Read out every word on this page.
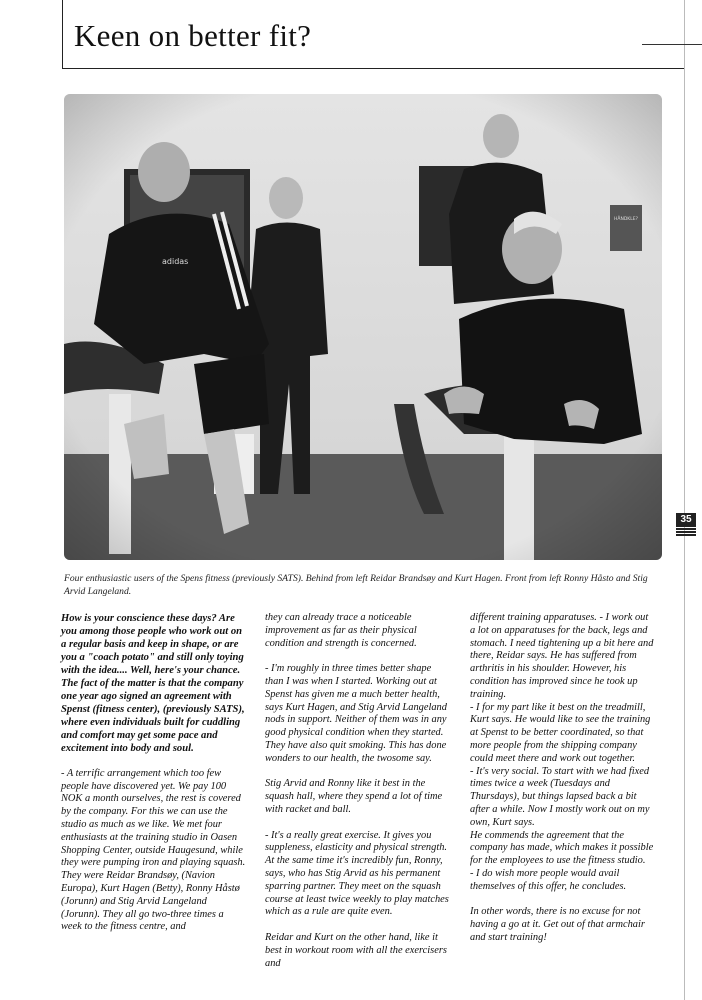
Keen on better fit?

Four enthusiastic users of the Spens fitness (previously SATS). Behind from left Reidar Brandsøy and Kurt Hagen. Front from left Ronny Håsto and Stig Arvid Langeland.

How is your conscience these days? Are you among those people who work out on a regular basis and keep in shape, or are you a "coach potato" and still only toying with the idea.... Well, here's your chance. The fact of the matter is that the company one year ago signed an agreement with Spenst (fitness center), (previously SATS), where even individuals built for cuddling and comfort may get some pace and excitement into body and soul.

- A terrific arrangement which too few people have discovered yet. We pay 100 NOK a month ourselves, the rest is covered by the company. For this we can use the studio as much as we like. We met four enthusiasts at the training studio in Oasen Shopping Center, outside Haugesund, while they were pumping iron and playing squash. They were Reidar Brandsøy, (Navion Europa), Kurt Hagen (Betty), Ronny Håstø (Jorunn) and Stig Arvid Langeland (Jorunn). They all go two-three times a week to the fitness centre, and

they can already trace a noticeable improvement as far as their physical condition and strength is concerned.

- I'm roughly in three times better shape than I was when I started. Working out at Spenst has given me a much better health, says Kurt Hagen, and Stig Arvid Langeland nods in support. Neither of them was in any good physical condition when they started. They have also quit smoking. This has done wonders to our health, the twosome say.

Stig Arvid and Ronny like it best in the squash hall, where they spend a lot of time with racket and ball.

- It's a really great exercise. It gives you suppleness, elasticity and physical strength. At the same time it's incredibly fun, Ronny, says, who has Stig Arvid as his permanent sparring partner. They meet on the squash course at least twice weekly to play matches which as a rule are quite even.

Reidar and Kurt on the other hand, like it best in workout room with all the exercisers and

different training apparatuses. - I work out a lot on apparatuses for the back, legs and stomach. I need tightening up a bit here and there, Reidar says. He has suffered from arthritis in his shoulder. However, his condition has improved since he took up training.

- I for my part like it best on the treadmill, Kurt says. He would like to see the training at Spenst to be better coordinated, so that more people from the shipping company could meet there and work out together.

- It's very social. To start with we had fixed times twice a week (Tuesdays and Thursdays), but things lapsed back a bit after a while. Now I mostly work out on my own, Kurt says.

He commends the agreement that the company has made, which makes it possible for the employees to use the fitness studio.

- I do wish more people would avail themselves of this offer, he concludes.

In other words, there is no excuse for not having a go at it. Get out of that armchair and start training!

35
